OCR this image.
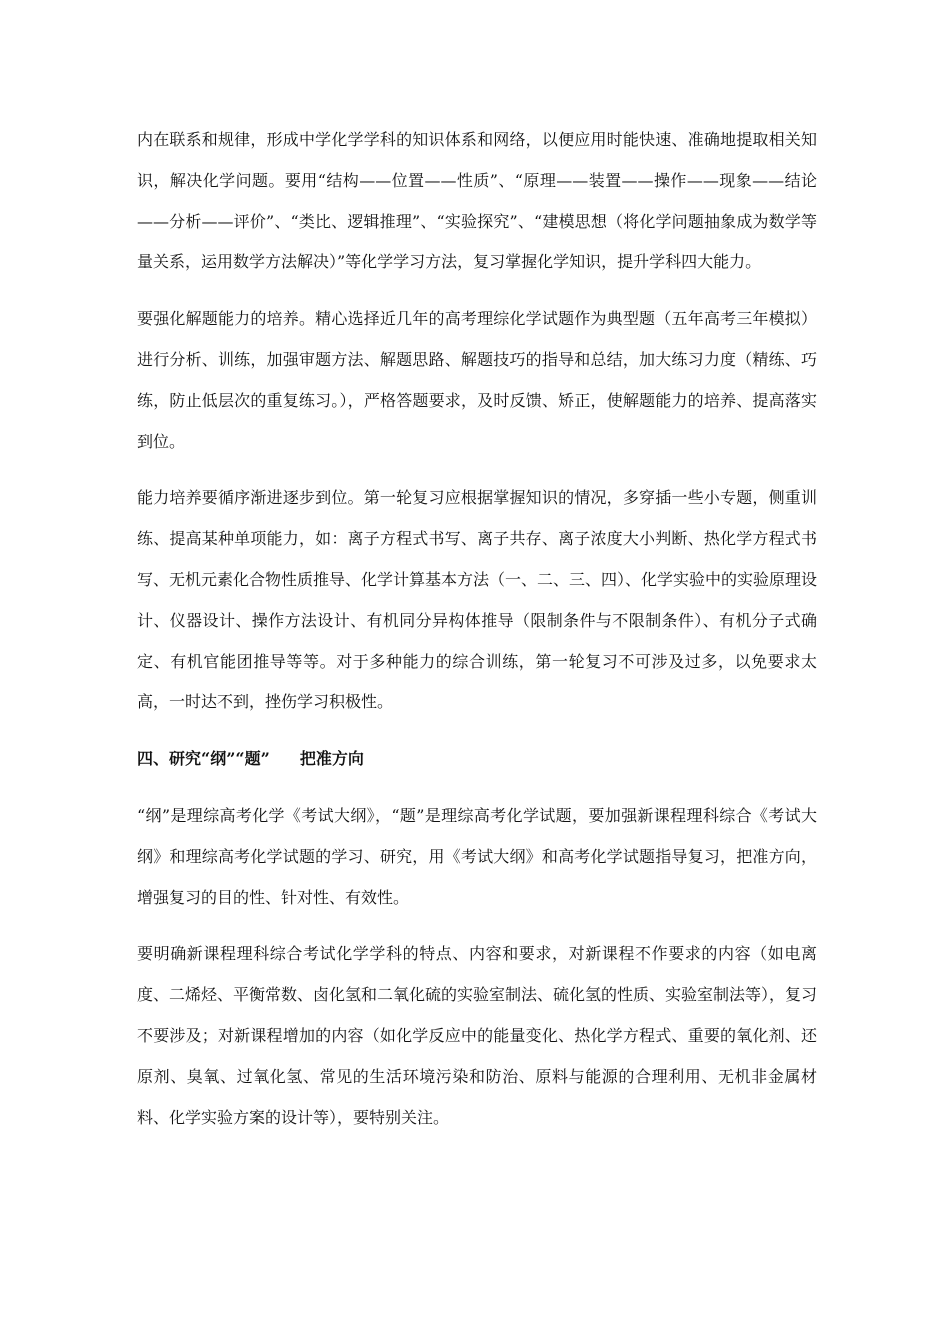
内在联系和规律，形成中学化学学科的知识体系和网络，以便应用时能快速、准确地提取相关知识，解决化学问题。要用“结构——位置——性质”、“原理——装置——操作——现象——结论——分析——评价”、“类比、逻辑推理”、“实验探究”、“建模思想（将化学问题抽象成为数学等量关系，运用数学方法解决）”等化学学习方法，复习掌握化学知识，提升学科四大能力。

要强化解题能力的培养。精心选择近几年的高考理综化学试题作为典型题（五年高考三年模拟）进行分析、训练，加强审题方法、解题思路、解题技巧的指导和总结，加大练习力度（精练、巧练，防止低层次的重复练习。），严格答题要求，及时反馈、矫正，使解题能力的培养、提高落实到位。

能力培养要循序渐进逐步到位。第一轮复习应根据掌握知识的情况，多穿插一些小专题，侧重训练、提高某种单项能力，如：离子方程式书写、离子共存、离子浓度大小判断、热化学方程式书写、无机元素化合物性质推导、化学计算基本方法（一、二、三、四）、化学实验中的实验原理设计、仪器设计、操作方法设计、有机同分异构体推导（限制条件与不限制条件）、有机分子式确定、有机官能团推导等等。对于多种能力的综合训练，第一轮复习不可涉及过多，以免要求太高，一时达不到，挫伤学习积极性。

四、研究“纲”“题” 把准方向

“纲”是理综高考化学《考试大纲》，“题”是理综高考化学试题，要加强新课程理科综合《考试大纲》和理综高考化学试题的学习、研究，用《考试大纲》和高考化学试题指导复习，把准方向，增强复习的目的性、针对性、有效性。

要明确新课程理科综合考试化学学科的特点、内容和要求，对新课程不作要求的内容（如电离度、二烯烃、平衡常数、卤化氢和二氧化硫的实验室制法、硫化氢的性质、实验室制法等），复习不要涉及；对新课程增加的内容（如化学反应中的能量变化、热化学方程式、重要的氧化剂、还原剂、臭氧、过氧化氢、常见的生活环境污染和防治、原料与能源的合理利用、无机非金属材料、化学实验方案的设计等），要特别关注。
